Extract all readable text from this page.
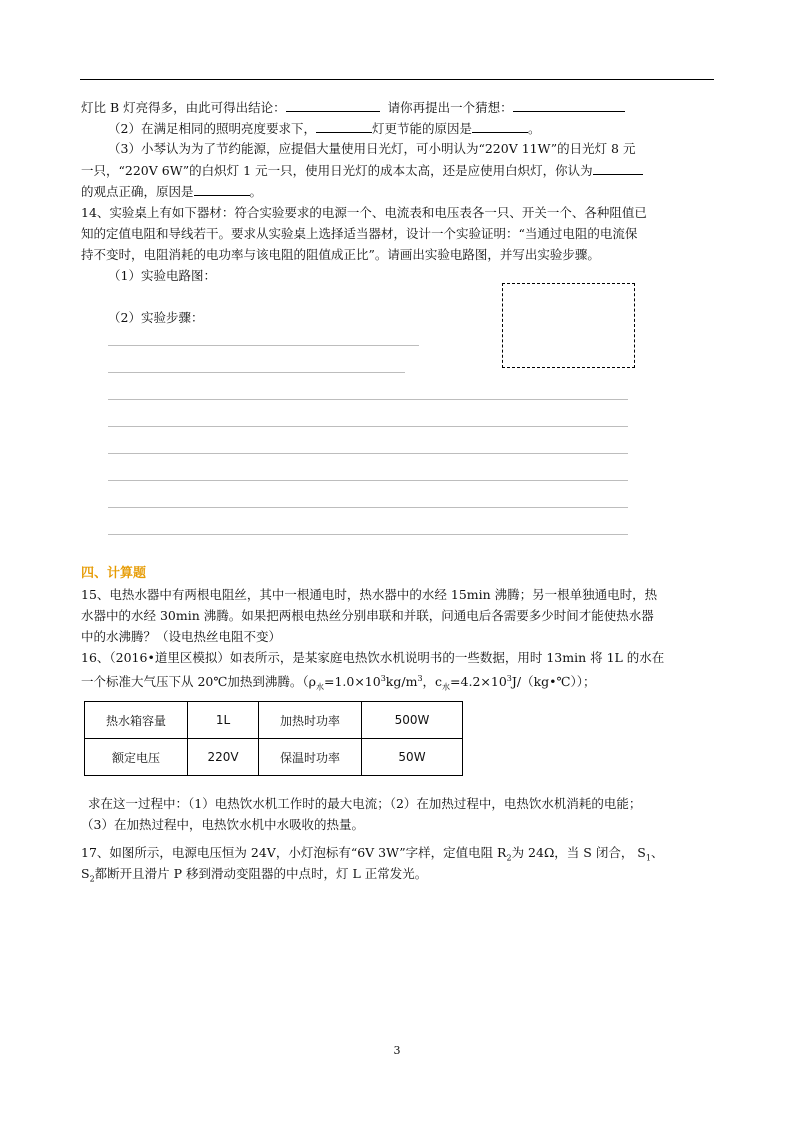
灯比 B 灯亮得多，由此可得出结论：	请你再提出一个猜想：
（2）在满足相同的照明亮度要求下，	灯更节能的原因是	。
（3）小琴认为为了节约能源，应提倡大量使用日光灯，可小明认为“220V 11W”的日光灯 8 元
一只，“220V 6W”的白炽灯 1 元一只，使用日光灯的成本太高，还是应使用白炽灯，你认为
的观点正确，原因是	。
14、实验桌上有如下器材：符合实验要求的电源一个、电流表和电压表各一只、开关一个、各种阻值已
知的定值电阻和导线若干。要求从实验桌上选择适当器材，设计一个实验证明：“当通过电阻的电流保
持不变时，电阻消耗的电功率与该电阻的阻值成正比”。请画出实验电路图，并写出实验步骤。
（1）实验电路图：
（2）实验步骤：
四、计算题
15、电热水器中有两根电阻丝，其中一根通电时，热水器中的水经 15min 沸腾；另一根单独通电时，热
水器中的水经 30min 沸腾。如果把两根电热丝分别串联和并联，问通电后各需要多少时间才能使热水器
中的水沸腾？（设电热丝电阻不变）
16、（2016•道里区模拟）如表所示，是某家庭电热饮水机说明书的一些数据，用时 13min 将 1L 的水在
一个标准大气压下从 20℃加热到沸腾。（$\rho_水=1.0\times 10^3kg/m^3$，$c_水=4.2\times 10^3J/(kg•℃)$）；
热水箱容量	1L	加热时功率	500W
额定电压	220V	保温时功率	50W
求在这一过程中：（1）电热饮水机工作时的最大电流；（2）在加热过程中，电热饮水机消耗的电能；
（3）在加热过程中，电热饮水机中水吸收的热量。
17、如图所示，电源电压恒为 24V，小灯泡标有“6V 3W”字样，定值电阻 $R_2$为 24Ω，当 S 闭合， $S_1$、
$S_2$都断开且滑片 P 移到滑动变阻器的中点时，灯 L 正常发光。
3
